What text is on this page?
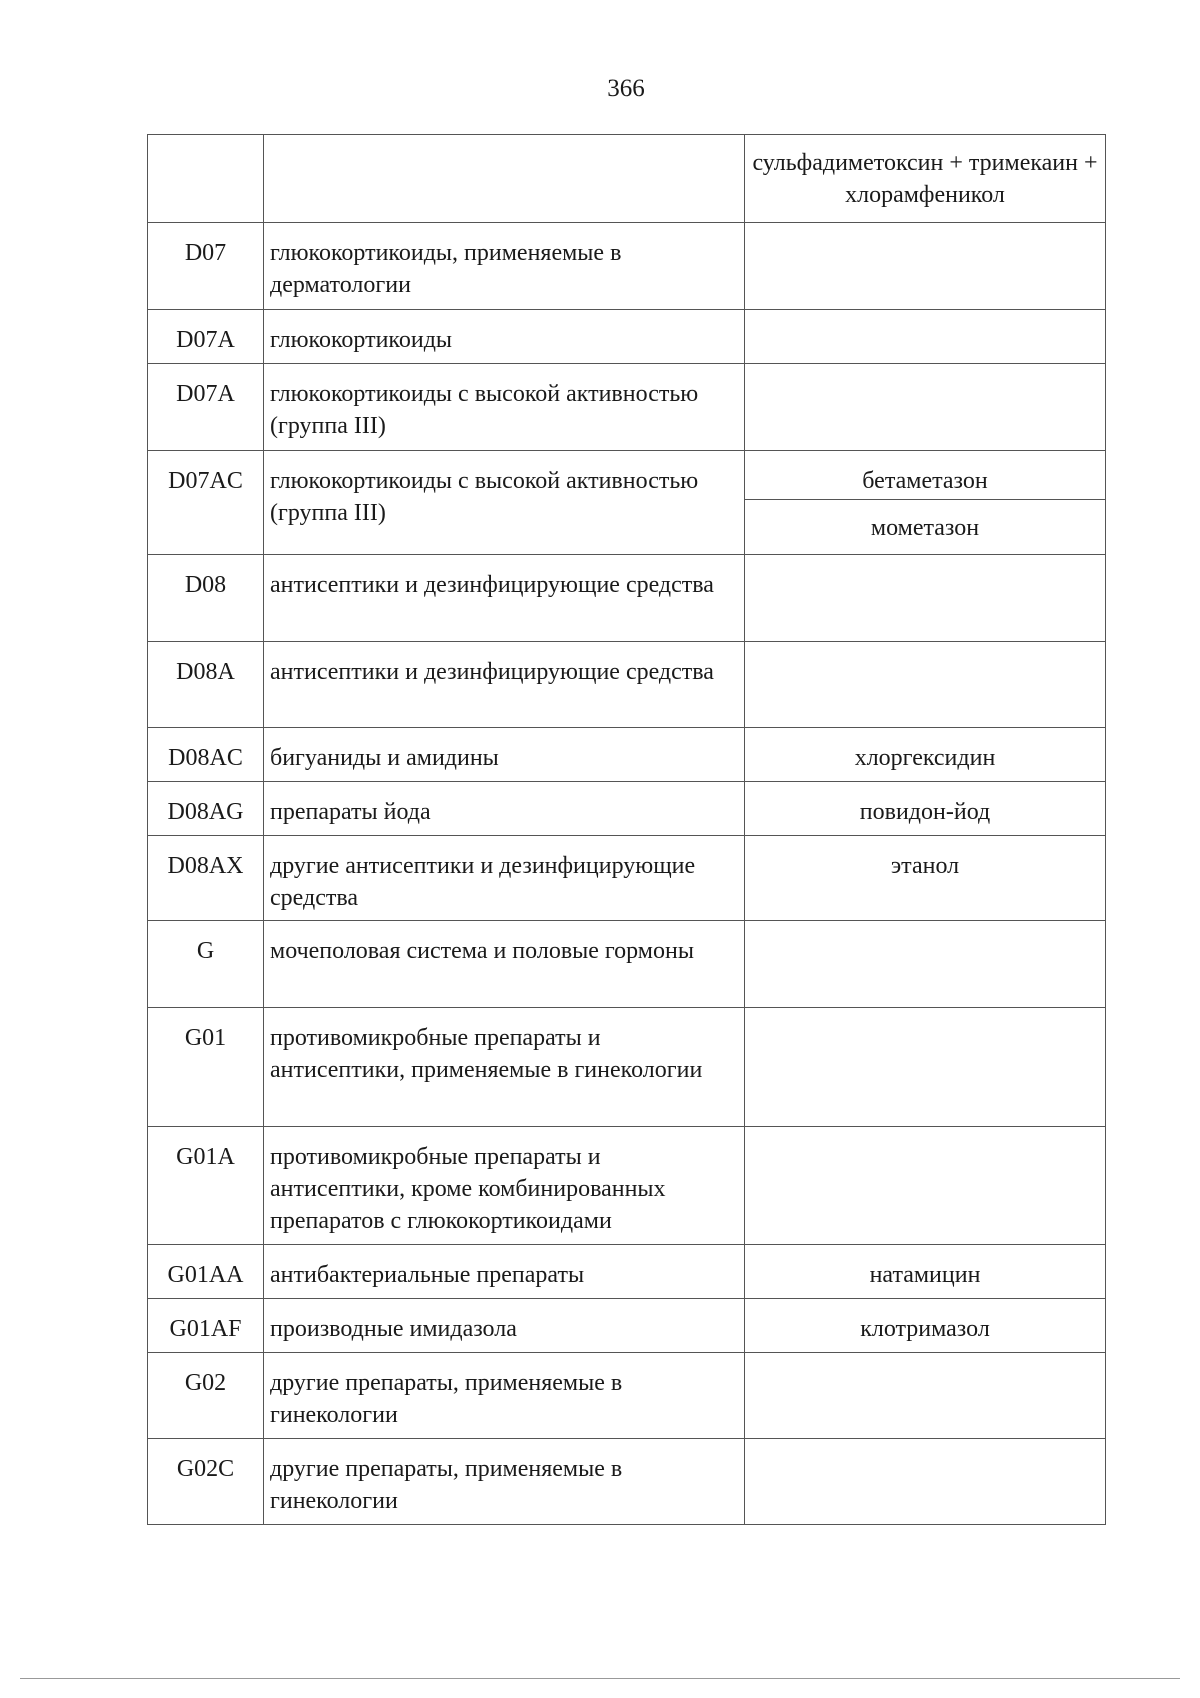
366
		сульфадиметоксин + тримекаин + хлорамфеникол
D07	глюкокортикоиды, применяемые в дерматологии	
D07A	глюкокортикоиды	
D07A	глюкокортикоиды с высокой активностью (группа III)	
D07AC	глюкокортикоиды с высокой активностью (группа III)	бетаметазон
		мометазон
D08	антисептики и дезинфицирующие средства	
D08A	антисептики и дезинфицирующие средства	
D08AC	бигуаниды и амидины	хлоргексидин
D08AG	препараты йода	повидон-йод
D08AX	другие антисептики и дезинфицирующие средства	этанол
G	мочеполовая система и половые гормоны	
G01	противомикробные препараты и антисептики, применяемые в гинекологии	
G01A	противомикробные препараты и антисептики, кроме комбинированных препаратов с глюкокортикоидами	
G01AA	антибактериальные препараты	натамицин
G01AF	производные имидазола	клотримазол
G02	другие препараты, применяемые в гинекологии	
G02C	другие препараты, применяемые в гинекологии	
